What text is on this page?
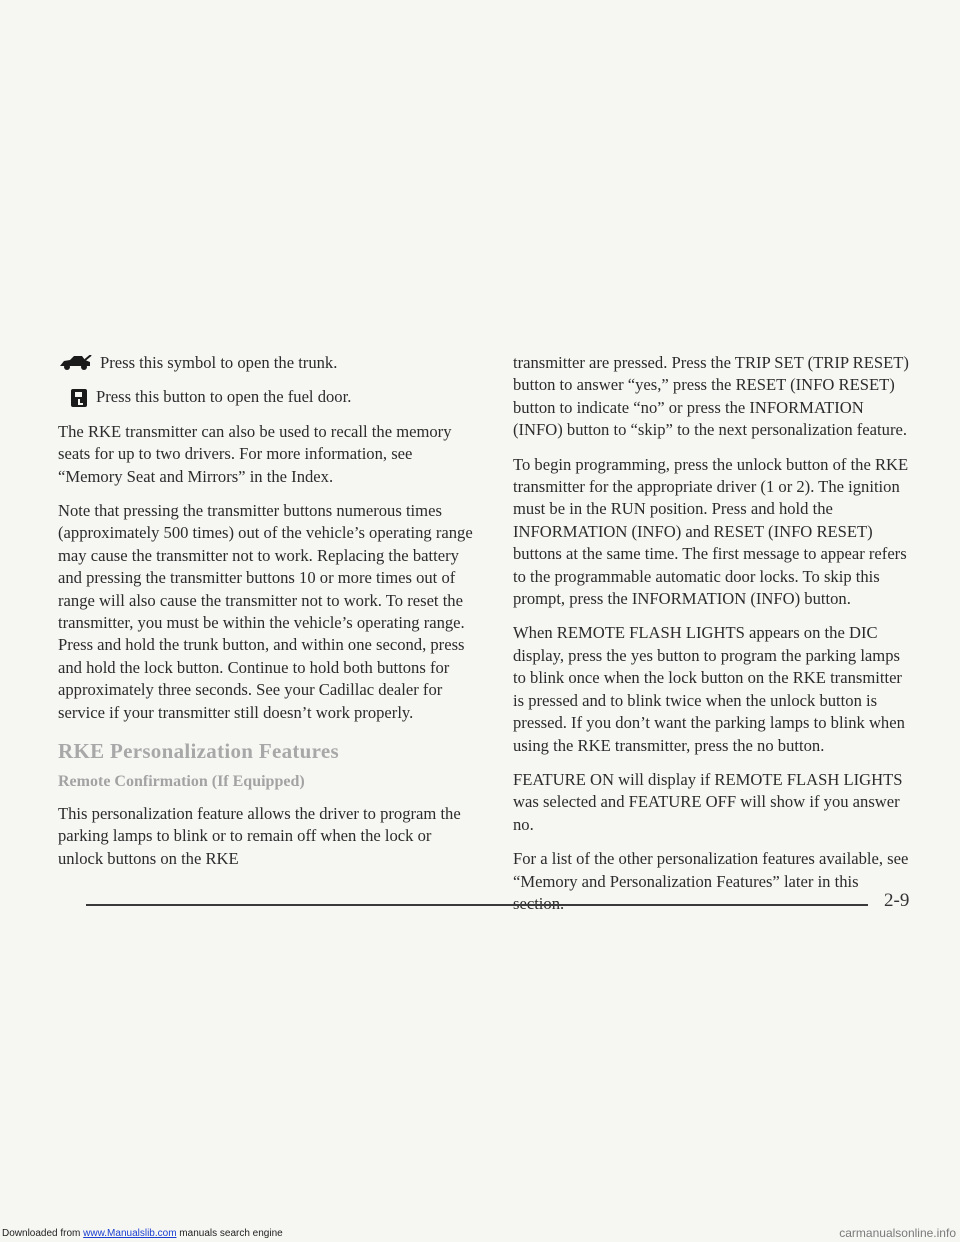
Press this symbol to open the trunk.
Press this button to open the fuel door.

The RKE transmitter can also be used to recall the memory seats for up to two drivers. For more information, see “Memory Seat and Mirrors” in the Index.

Note that pressing the transmitter buttons numerous times (approximately 500 times) out of the vehicle’s operating range may cause the transmitter not to work. Replacing the battery and pressing the transmitter buttons 10 or more times out of range will also cause the transmitter not to work. To reset the transmitter, you must be within the vehicle’s operating range. Press and hold the trunk button, and within one second, press and hold the lock button. Continue to hold both buttons for approximately three seconds. See your Cadillac dealer for service if your transmitter still doesn’t work properly.

RKE Personalization Features
Remote Confirmation (If Equipped)

This personalization feature allows the driver to program the parking lamps to blink or to remain off when the lock or unlock buttons on the RKE

transmitter are pressed. Press the TRIP SET (TRIP RESET) button to answer “yes,” press the RESET (INFO RESET) button to indicate “no” or press the INFORMATION (INFO) button to “skip” to the next personalization feature.

To begin programming, press the unlock button of the RKE transmitter for the appropriate driver (1 or 2). The ignition must be in the RUN position. Press and hold the INFORMATION (INFO) and RESET (INFO RESET) buttons at the same time. The first message to appear refers to the programmable automatic door locks. To skip this prompt, press the INFORMATION (INFO) button.

When REMOTE FLASH LIGHTS appears on the DIC display, press the yes button to program the parking lamps to blink once when the lock button on the RKE transmitter is pressed and to blink twice when the unlock button is pressed. If you don’t want the parking lamps to blink when using the RKE transmitter, press the no button.

FEATURE ON will display if REMOTE FLASH LIGHTS was selected and FEATURE OFF will show if you answer no.

For a list of the other personalization features available, see “Memory and Personalization Features” later in this section.	2-9
Downloaded from www.Manualslib.com manuals search engine	carmanualsonline.info
